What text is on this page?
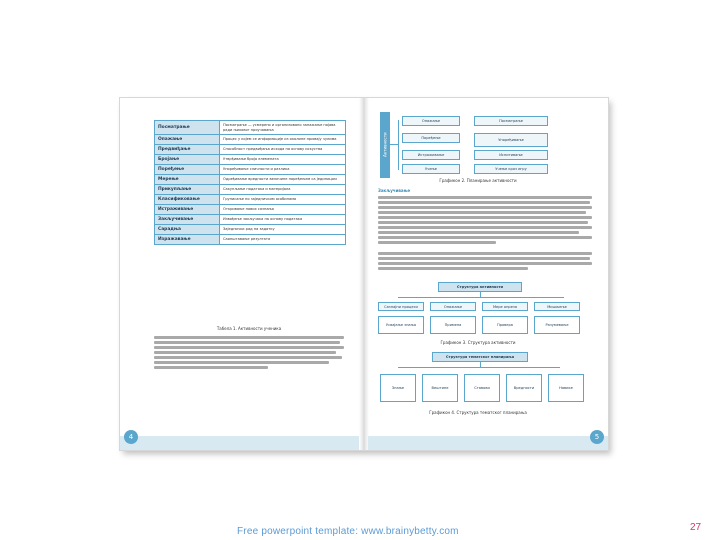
Посматрање	Посматрање — усмерено и организовано запажање појава ради њиховог проучавања
Опажање	Процес у којем се информације из околине примају чулима
Предвиђање	Способност предвиђања исхода на основу искуства
Бројање	Утврђивање броја елемената
Поређење	Упоређивање сличности и разлика
Мерење	Одређивање вредности величине поређењем са јединицом
Прикупљање	Сакупљање података и материјала
Класификовање	Груписање по заједничким особинама
Истраживање	Откривање нових сазнања
Закључивање	Извођење закључака на основу података
Сарадња	Заједнички рад на задатку
Изражавање	Саопштавање резултата
Табела 1. Активности ученика
4
Активности
Опажање
Поређење
Истраживање
Учење
Посматрање
Упоређивање
Испитивање
Учење кроз игру
Графикон 2. Планирање активности
Закључивање
Структура активности
Сазнајни процеси	Опажање	Мере опреза	Мишљење
Усвајање знања	Примена	Провера	Разумевање
Графикон 3. Структура активности
Структура тематског планирања
Знање	Вештине	Ставови	Вредности	Навике
Графикон 4. Структура тематског планирања
5
Free powerpoint template: www.brainybetty.com	27
